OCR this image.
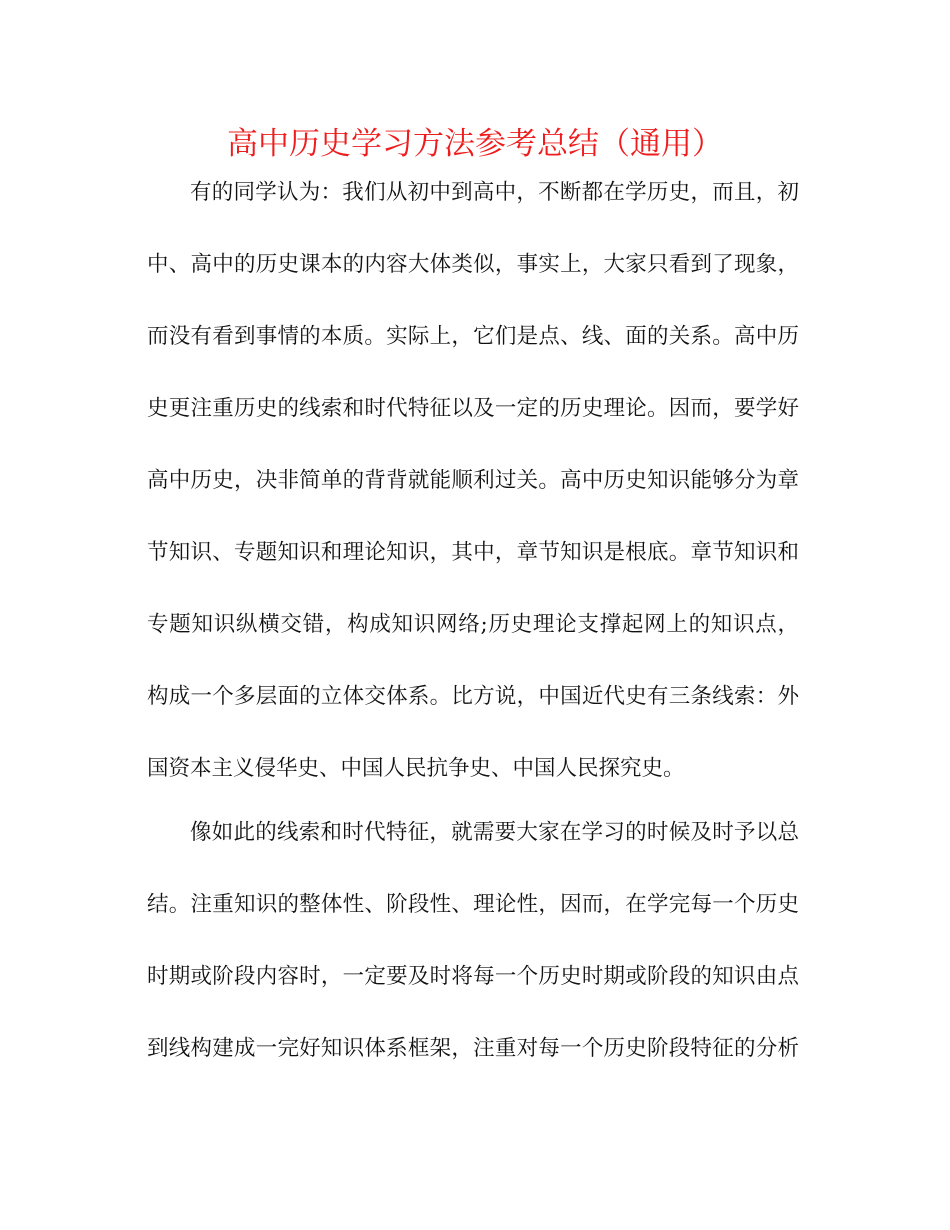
高中历史学习方法参考总结（通用）
有的同学认为：我们从初中到高中，不断都在学历史，而且，初
中、高中的历史课本的内容大体类似，事实上，大家只看到了现象，
而没有看到事情的本质。实际上，它们是点、线、面的关系。高中历
史更注重历史的线索和时代特征以及一定的历史理论。因而，要学好
高中历史，决非简单的背背就能顺利过关。高中历史知识能够分为章
节知识、专题知识和理论知识，其中，章节知识是根底。章节知识和
专题知识纵横交错，构成知识网络;历史理论支撑起网上的知识点，
构成一个多层面的立体交体系。比方说，中国近代史有三条线索：外
国资本主义侵华史、中国人民抗争史、中国人民探究史。
像如此的线索和时代特征，就需要大家在学习的时候及时予以总
结。注重知识的整体性、阶段性、理论性，因而，在学完每一个历史
时期或阶段内容时，一定要及时将每一个历史时期或阶段的知识由点
到线构建成一完好知识体系框架，注重对每一个历史阶段特征的分析
